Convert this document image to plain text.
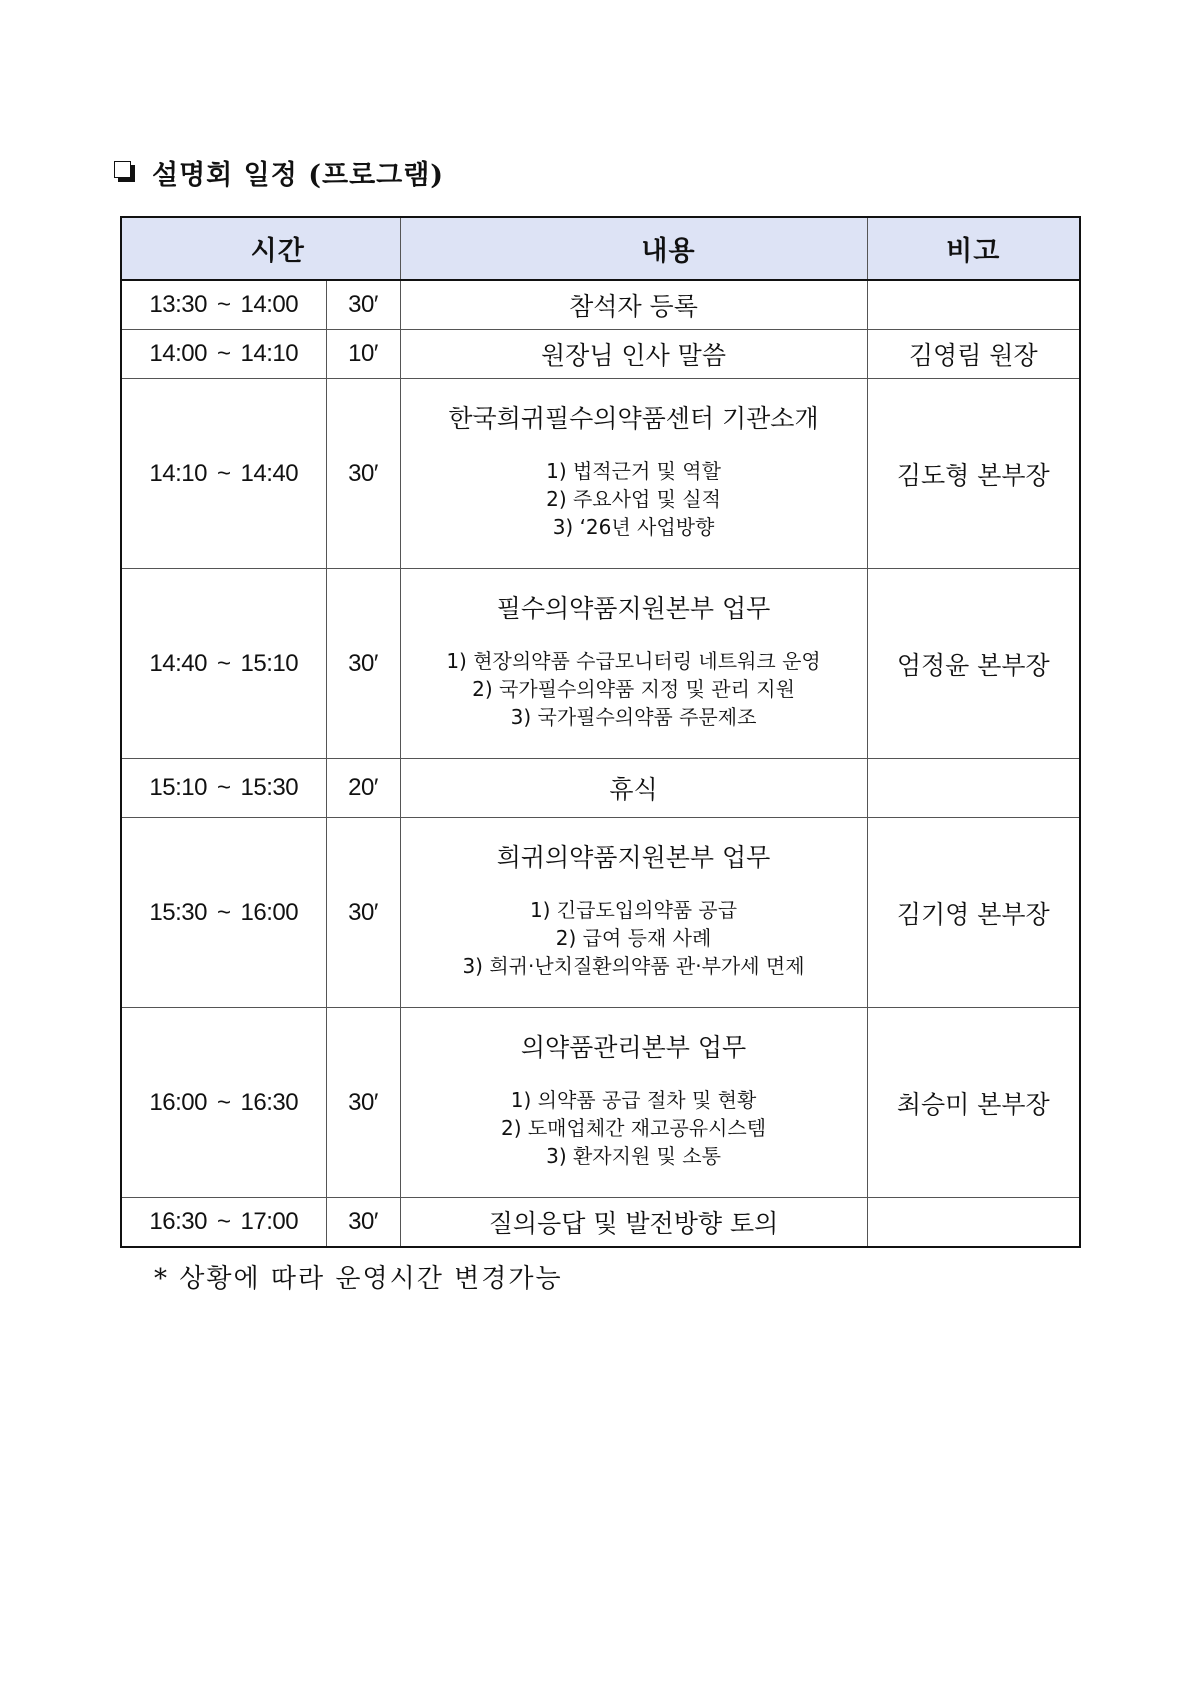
설명회 일정 (프로그램)
시간		내용	비고
13:30 ~ 14:00	30′	참석자 등록	

14:00 ~ 14:10	10′	원장님 인사 말씀	김영림 원장
14:10 ~ 14:40	30′	한국희귀필수의약품센터 기관소개
1) 법적근거 및 역할
2) 주요사업 및 실적
3) ‘26년 사업방향	김도형 본부장
14:40 ~ 15:10	30′	필수의약품지원본부 업무
1) 현장의약품 수급모니터링 네트워크 운영
2) 국가필수의약품 지정 및 관리 지원
3) 국가필수의약품 주문제조	엄정윤 본부장
15:10 ~ 15:30	20′	휴식	

15:30 ~ 16:00	30′	희귀의약품지원본부 업무
1) 긴급도입의약품 공급
2) 급여 등재 사례
3) 희귀·난치질환의약품 관·부가세 면제	김기영 본부장
16:00 ~ 16:30	30′	의약품관리본부 업무
1) 의약품 공급 절차 및 현황
2) 도매업체간 재고공유시스템
3) 환자지원 및 소통	최승미 본부장
16:30 ~ 17:00	30′	질의응답 및 발전방향 토의	

* 상황에 따라 운영시간 변경가능
